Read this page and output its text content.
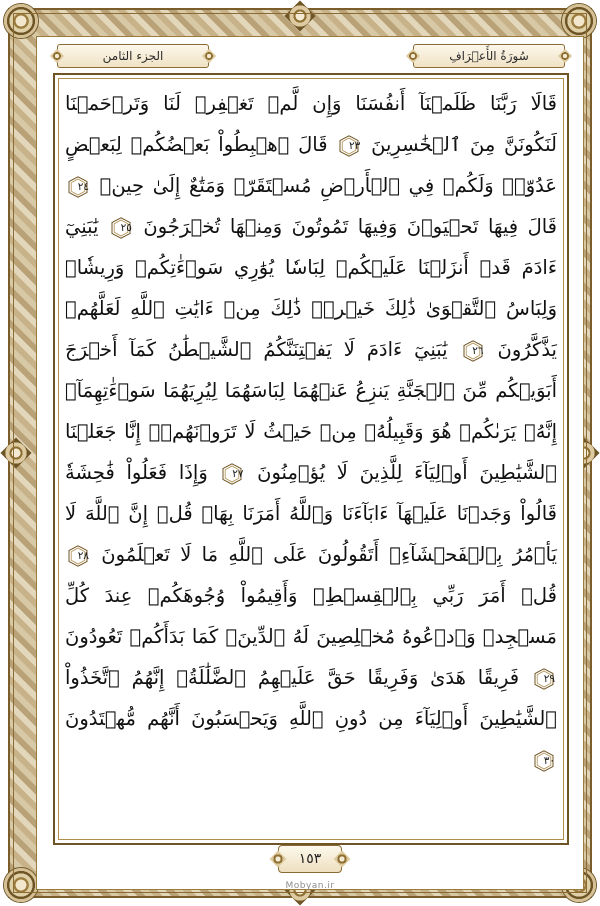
سُورَةُ الأَعۡرَافِ
الجزء الثامن
قَالَا رَبَّنَا ظَلَمۡنَآ أَنفُسَنَا وَإِن لَّمۡ تَغۡفِرۡ لَنَا وَتَرۡحَمۡنَا لَنَكُونَنَّ مِنَ ٱلۡخَٰسِرِينَ
٢٣ قَالَ ٱهۡبِطُواْ بَعۡضُكُمۡ لِبَعۡضٍ عَدُوّٞۖ وَلَكُمۡ فِي ٱلۡأَرۡضِ مُسۡتَقَرّٞ وَمَتَٰعٌ إِلَىٰ حِينٖ
٢٤ قَالَ فِيهَا تَحۡيَوۡنَ وَفِيهَا تَمُوتُونَ وَمِنۡهَا تُخۡرَجُونَ
٢٥ يَٰبَنِيٓ ءَادَمَ قَدۡ أَنزَلۡنَا عَلَيۡكُمۡ لِبَاسٗا يُوَٰرِي سَوۡءَٰتِكُمۡ وَرِيشٗاۖ وَلِبَاسُ ٱلتَّقۡوَىٰ ذَٰلِكَ خَيۡرٞۚ ذَٰلِكَ مِنۡ ءَايَٰتِ ٱللَّهِ لَعَلَّهُمۡ يَذَّكَّرُونَ
٢٦ يَٰبَنِيٓ ءَادَمَ لَا يَفۡتِنَنَّكُمُ ٱلشَّيۡطَٰنُ كَمَآ أَخۡرَجَ أَبَوَيۡكُم مِّنَ ٱلۡجَنَّةِ يَنزِعُ عَنۡهُمَا لِبَاسَهُمَا لِيُرِيَهُمَا سَوۡءَٰتِهِمَآۚ إِنَّهُۥ يَرَىٰكُمۡ هُوَ وَقَبِيلُهُۥ مِنۡ حَيۡثُ لَا تَرَوۡنَهُمۡۗ إِنَّا جَعَلۡنَا ٱلشَّيَٰطِينَ أَوۡلِيَآءَ لِلَّذِينَ لَا يُؤۡمِنُونَ
٢٧ وَإِذَا فَعَلُواْ فَٰحِشَةٗ قَالُواْ وَجَدۡنَا عَلَيۡهَآ ءَابَآءَنَا وَٱللَّهُ أَمَرَنَا بِهَاۗ قُلۡ إِنَّ ٱللَّهَ لَا يَأۡمُرُ بِٱلۡفَحۡشَآءِۖ أَتَقُولُونَ عَلَى ٱللَّهِ مَا لَا تَعۡلَمُونَ
٢٨ قُلۡ أَمَرَ رَبِّي بِٱلۡقِسۡطِۖ وَأَقِيمُواْ وُجُوهَكُمۡ عِندَ كُلِّ مَسۡجِدٖ وَٱدۡعُوهُ مُخۡلِصِينَ لَهُ ٱلدِّينَۚ كَمَا بَدَأَكُمۡ تَعُودُونَ
٢٩ فَرِيقًا هَدَىٰ وَفَرِيقًا حَقَّ عَلَيۡهِمُ ٱلضَّلَٰلَةُۚ إِنَّهُمُ ٱتَّخَذُواْ ٱلشَّيَٰطِينَ أَوۡلِيَآءَ مِن دُونِ ٱللَّهِ وَيَحۡسَبُونَ أَنَّهُم مُّهۡتَدُونَ
٣٠
١٥٣
Mobyan.ir
